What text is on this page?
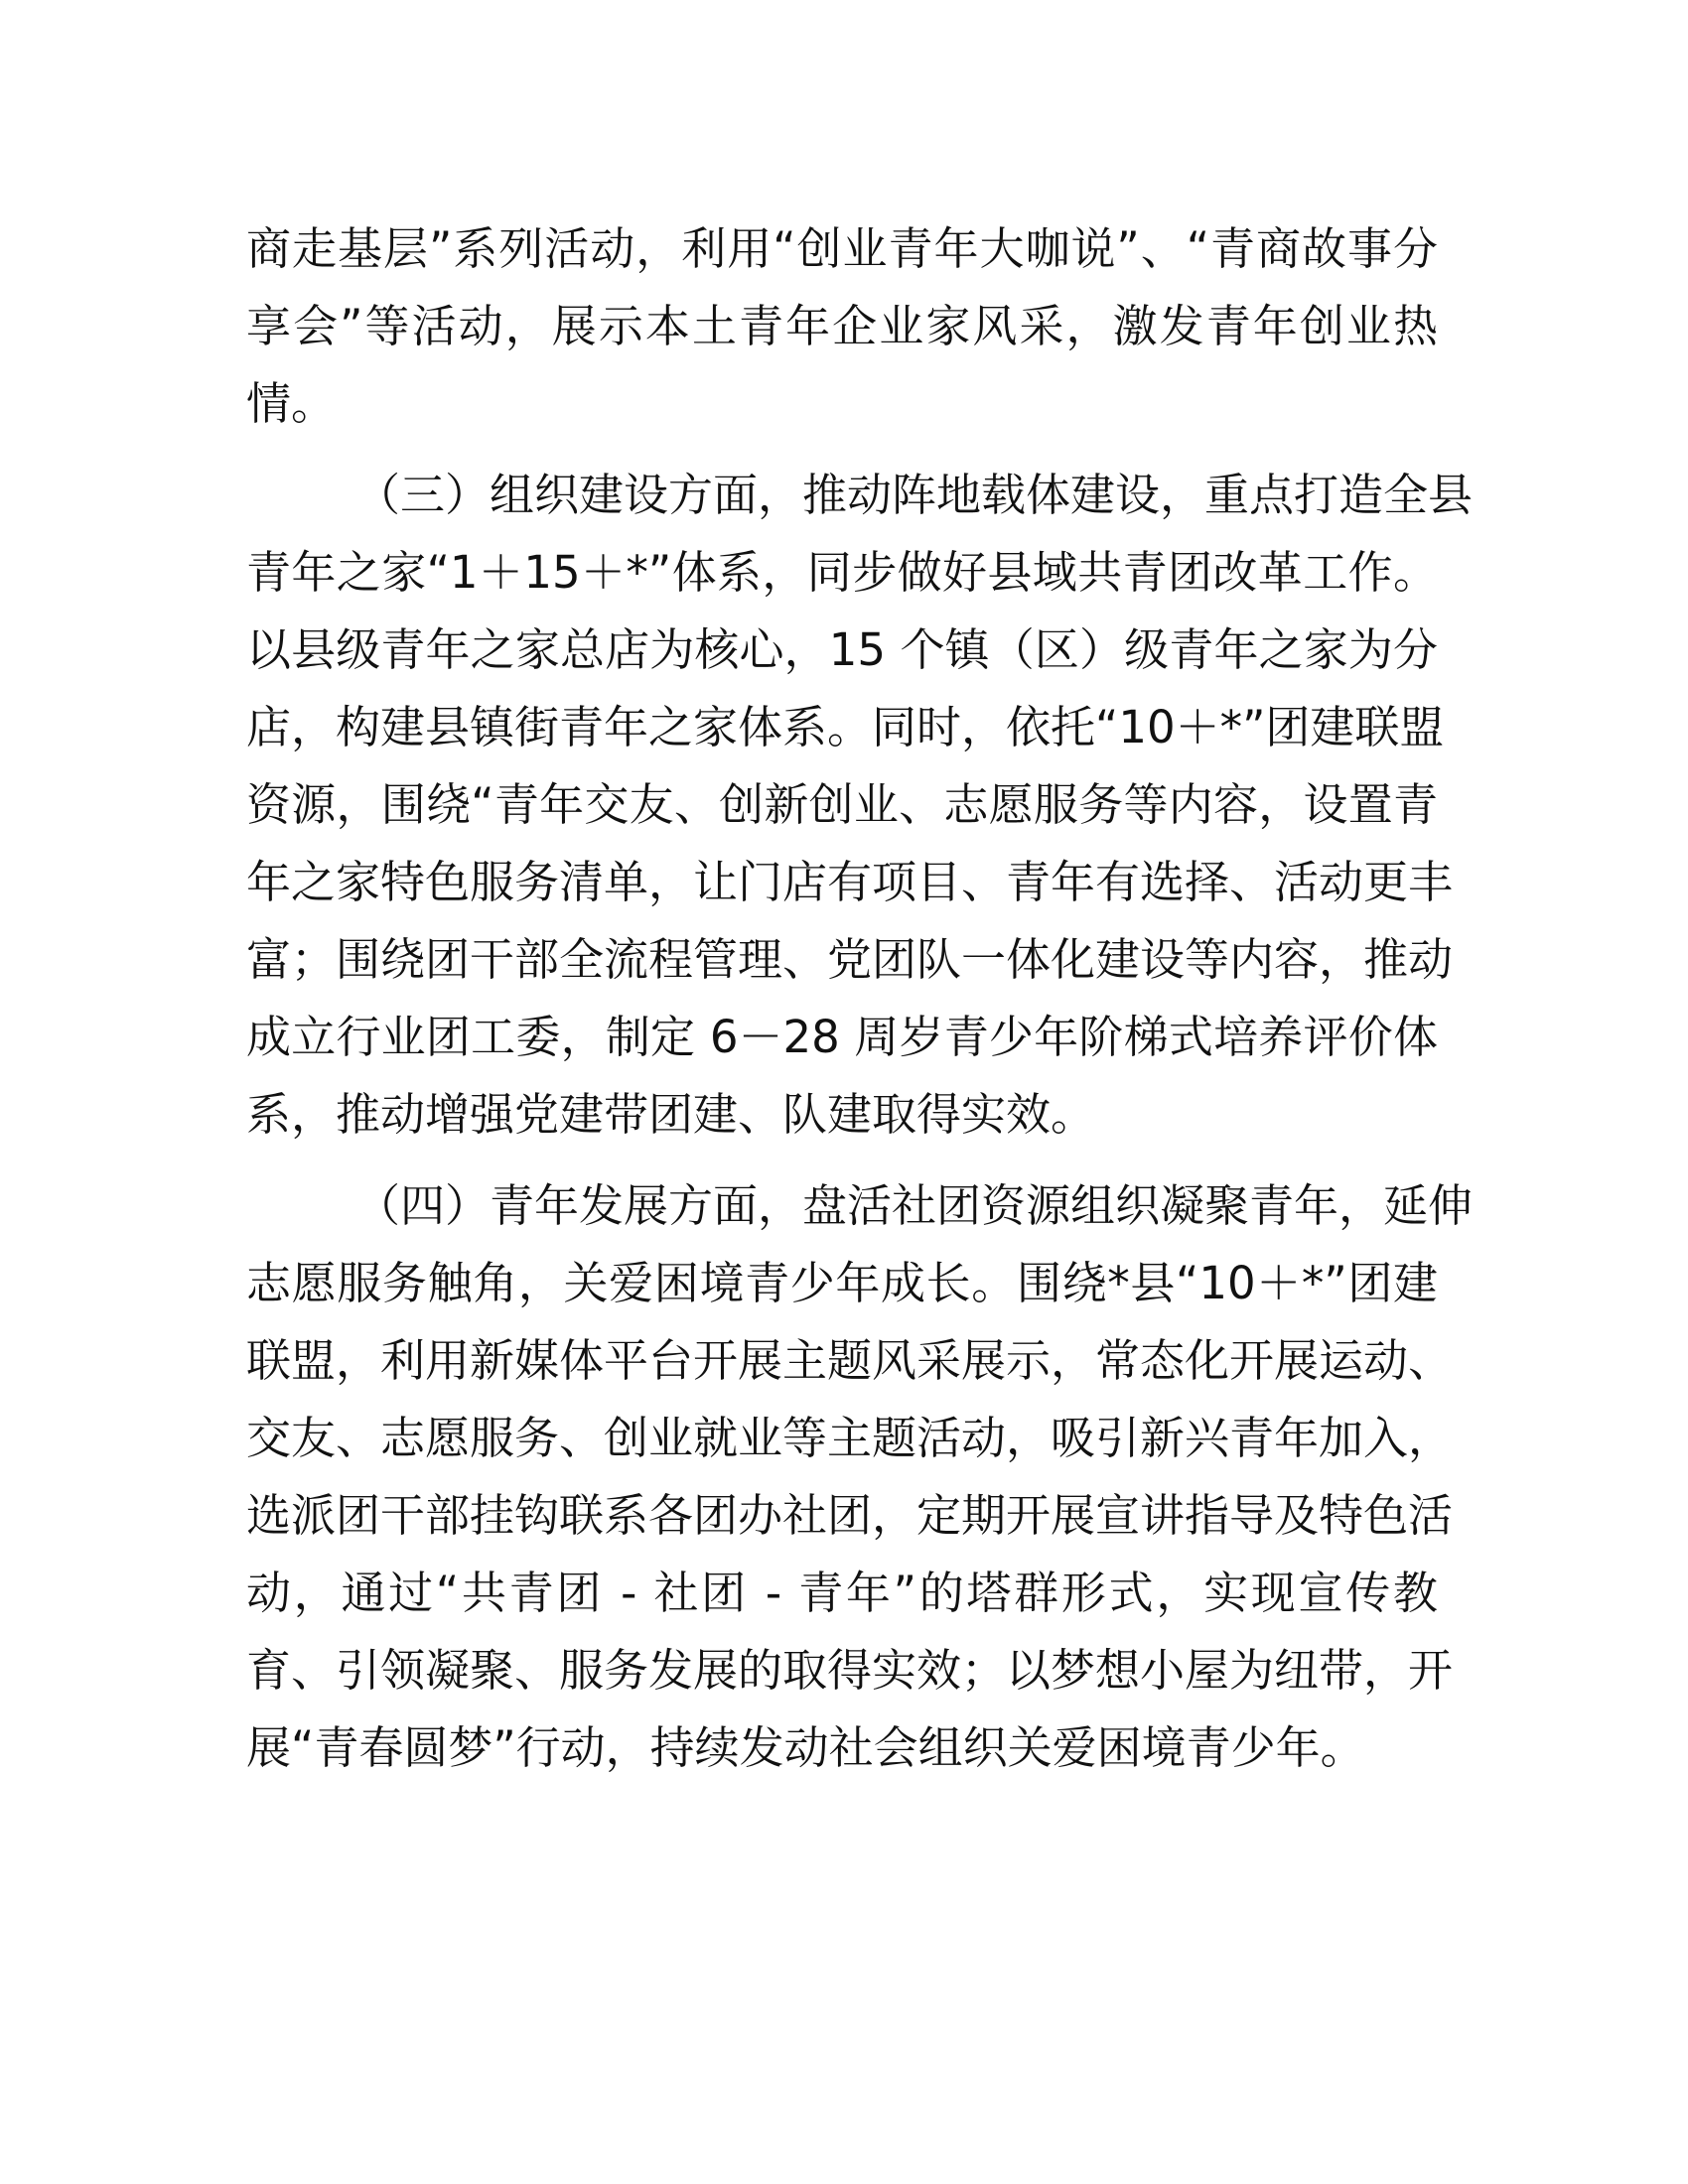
商走基层”系列活动，利用“创业青年大咖说”、“青商故事分
享会”等活动，展示本土青年企业家风采，激发青年创业热
情。
（三）组织建设方面，推动阵地载体建设，重点打造全县
青年之家“1＋15＋*”体系，同步做好县域共青团改革工作。
以县级青年之家总店为核心，15 个镇（区）级青年之家为分
店，构建县镇街青年之家体系。同时，依托“10＋*”团建联盟
资源，围绕“青年交友、创新创业、志愿服务等内容，设置青
年之家特色服务清单，让门店有项目、青年有选择、活动更丰
富；围绕团干部全流程管理、党团队一体化建设等内容，推动
成立行业团工委，制定 6－28 周岁青少年阶梯式培养评价体
系，推动增强党建带团建、队建取得实效。
（四）青年发展方面，盘活社团资源组织凝聚青年，延伸
志愿服务触角，关爱困境青少年成长。围绕*县“10＋*”团建
联盟，利用新媒体平台开展主题风采展示，常态化开展运动、
交友、志愿服务、创业就业等主题活动，吸引新兴青年加入，
选派团干部挂钩联系各团办社团，定期开展宣讲指导及特色活
动，通过“共青团 - 社团 - 青年”的塔群形式，实现宣传教
育、引领凝聚、服务发展的取得实效；以梦想小屋为纽带，开
展“青春圆梦”行动，持续发动社会组织关爱困境青少年。
